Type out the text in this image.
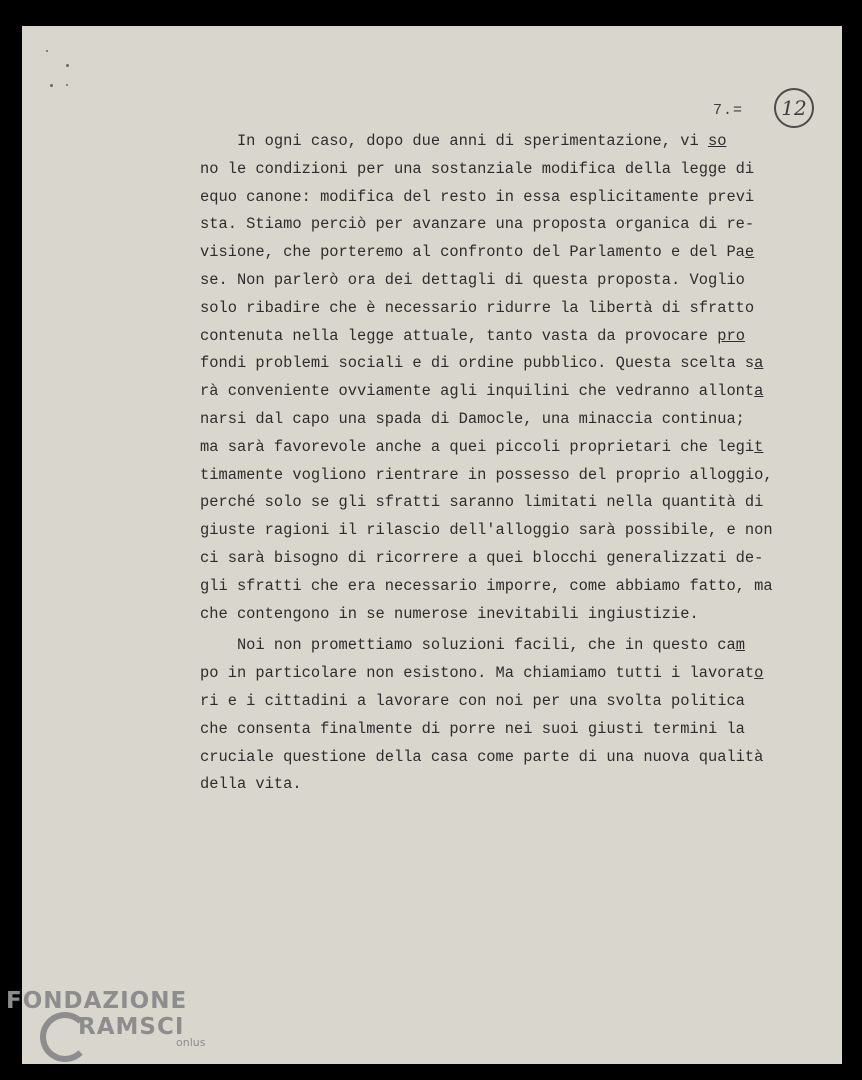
12
7.=
In ogni caso, dopo due anni di sperimentazione, vi so
no le condizioni per una sostanziale modifica della legge di
equo canone: modifica del resto in essa esplicitamente previ
sta. Stiamo perciò per avanzare una proposta organica di re-
visione, che porteremo al confronto del Parlamento e del Pae
se. Non parlerò ora dei dettagli di questa proposta. Voglio
solo ribadire che è necessario ridurre la libertà di sfratto
contenuta nella legge attuale, tanto vasta da provocare pro
fondi problemi sociali e di ordine pubblico. Questa scelta sa
rà conveniente ovviamente agli inquilini che vedranno allonta
narsi dal capo una spada di Damocle, una minaccia continua;
ma sarà favorevole anche a quei piccoli proprietari che legit
timamente vogliono rientrare in possesso del proprio alloggio,
perché solo se gli sfratti saranno limitati nella quantità di
giuste ragioni il rilascio dell'alloggio sarà possibile, e non
ci sarà bisogno di ricorrere a quei blocchi generalizzati de-
gli sfratti che era necessario imporre, come abbiamo fatto, ma
che contengono in se numerose inevitabili ingiustizie.
Noi non promettiamo soluzioni facili, che in questo cam
po in particolare non esistono. Ma chiamiamo tutti i lavorato
ri e i cittadini a lavorare con noi per una svolta politica
che consenta finalmente di porre nei suoi giusti termini la
cruciale questione della casa come parte di una nuova qualità
della vita.
FONDAZIONE
RAMSCI
onlus
